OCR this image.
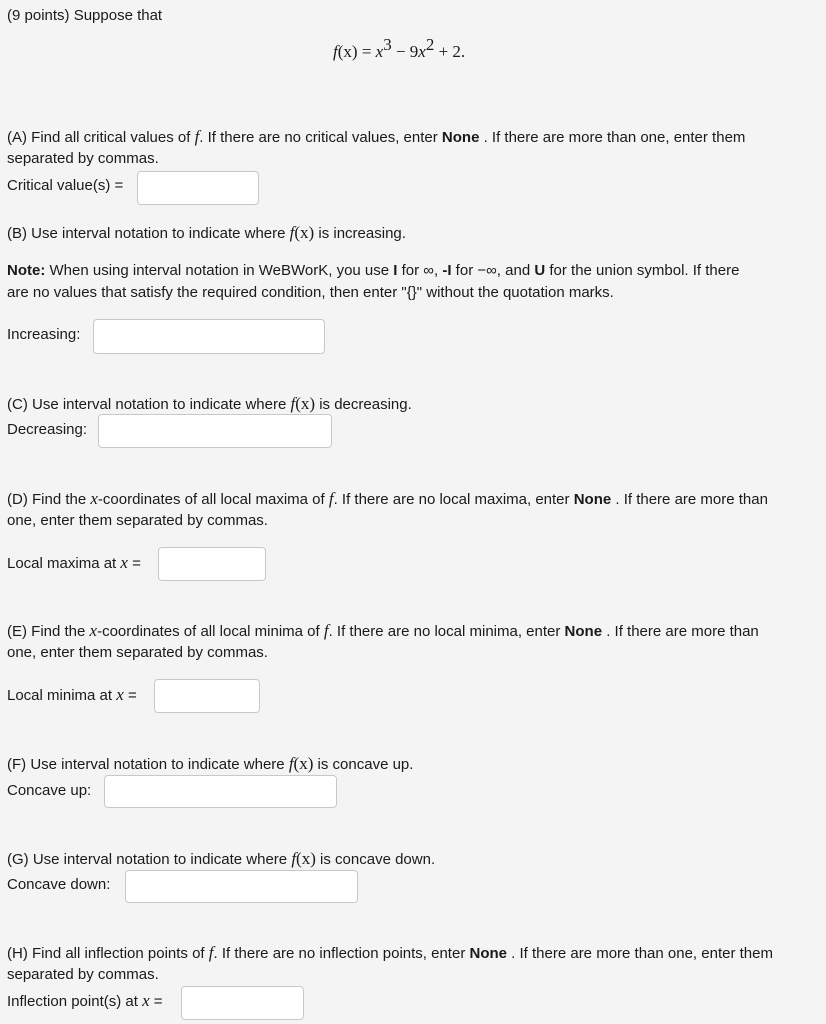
(9 points) Suppose that
$f(x) = x^3 - 9x^2 + 2$.
(A) Find all critical values of f. If there are no critical values, enter None . If there are more than one, enter them
separated by commas.
Critical value(s) =
(B) Use interval notation to indicate where f(x) is increasing.
Note: When using interval notation in WeBWorK, you use I for ∞, -I for −∞, and U for the union symbol. If there
are no values that satisfy the required condition, then enter "{}" without the quotation marks.
Increasing:
(C) Use interval notation to indicate where f(x) is decreasing.
Decreasing:
(D) Find the x-coordinates of all local maxima of f. If there are no local maxima, enter None . If there are more than
one, enter them separated by commas.
Local maxima at x =
(E) Find the x-coordinates of all local minima of f. If there are no local minima, enter None . If there are more than
one, enter them separated by commas.
Local minima at x =
(F) Use interval notation to indicate where f(x) is concave up.
Concave up:
(G) Use interval notation to indicate where f(x) is concave down.
Concave down:
(H) Find all inflection points of f. If there are no inflection points, enter None . If there are more than one, enter them
separated by commas.
Inflection point(s) at x =
